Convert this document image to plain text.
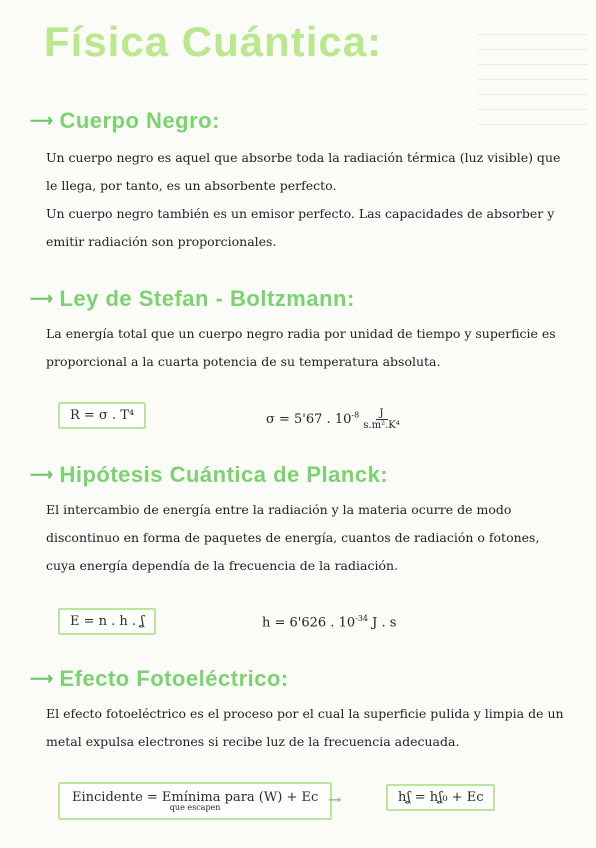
Física Cuántica:
⟶ Cuerpo Negro:
Un cuerpo negro es aquel que absorbe toda la radiación térmica (luz visible) que le llega, por tanto, es un absorbente perfecto.
Un cuerpo negro también es un emisor perfecto. Las capacidades de absorber y emitir radiación son proporcionales.
⟶ Ley de Stefan - Boltzmann:
La energía total que un cuerpo negro radia por unidad de tiempo y superficie es proporcional a la cuarta potencia de su temperatura absoluta.
R = σ . T⁴	σ = 5'67 . $10^{-8} \frac{J}{\text{s.m².K⁴}}$
⟶ Hipótesis Cuántica de Planck:
El intercambio de energía entre la radiación y la materia ocurre de modo discontinuo en forma de paquetes de energía, cuantos de radiación o fotones, cuya energía dependía de la frecuencia de la radiación.
E = n . h . ʆ	h = 6'626 . $10^{-34}$ J . s
⟶ Efecto Fotoeléctrico:
El efecto fotoeléctrico es el proceso por el cual la superficie pulida y limpia de un metal expulsa electrones si recibe luz de la frecuencia adecuada.
Eincidente = Emínima para (W) + Ec
que escapen	→	hʆ = hʆ₀ + Ec
